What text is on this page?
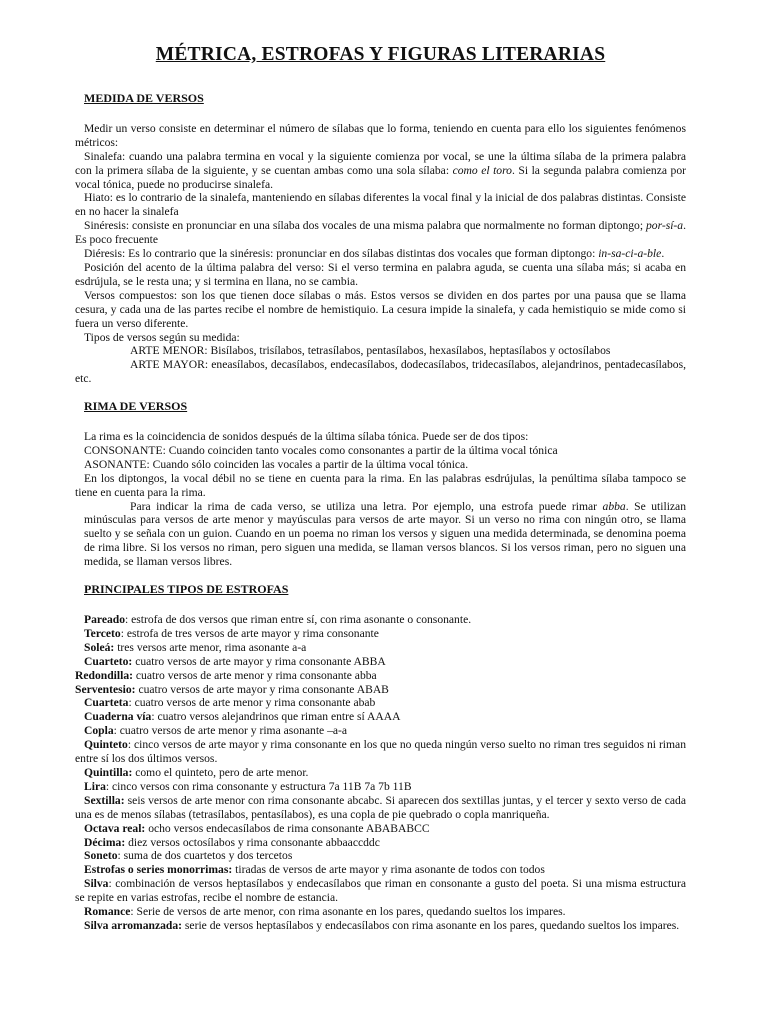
MÉTRICA, ESTROFAS Y FIGURAS LITERARIAS
MEDIDA DE VERSOS

Medir un verso consiste en determinar el número de sílabas que lo forma, teniendo en cuenta para ello los siguientes fenómenos métricos:

Sinalefa: cuando una palabra termina en vocal y la siguiente comienza por vocal, se une la última sílaba de la primera palabra con la primera sílaba de la siguiente, y se cuentan ambas como una sola sílaba: como el toro. Si la segunda palabra comienza por vocal tónica, puede no producirse sinalefa.

Hiato: es lo contrario de la sinalefa, manteniendo en sílabas diferentes la vocal final y la inicial de dos palabras distintas. Consiste en no hacer la sinalefa

Sinéresis: consiste en pronunciar en una sílaba dos vocales de una misma palabra que normalmente no forman diptongo; por-sí-a. Es poco frecuente

Diéresis: Es lo contrario que la sinéresis: pronunciar en dos sílabas distintas dos vocales que forman diptongo: in-sa-ci-a-ble.

Posición del acento de la última palabra del verso: Si el verso termina en palabra aguda, se cuenta una sílaba más; si acaba en esdrújula, se le resta una; y si termina en llana, no se cambia.

Versos compuestos: son los que tienen doce sílabas o más. Estos versos se dividen en dos partes por una pausa que se llama cesura, y cada una de las partes recibe el nombre de hemistiquio. La cesura impide la sinalefa, y cada hemistiquio se mide como si fuera un verso diferente.

Tipos de versos según su medida:

ARTE MENOR: Bisílabos, trisílabos, tetrasílabos, pentasílabos, hexasílabos, heptasílabos y octosílabos

ARTE MAYOR: eneasílabos, decasílabos, endecasílabos, dodecasílabos, tridecasílabos, alejandrinos, pentadecasílabos, etc.

RIMA DE VERSOS

La rima es la coincidencia de sonidos después de la última sílaba tónica. Puede ser de dos tipos:

CONSONANTE: Cuando coinciden tanto vocales como consonantes a partir de la última vocal tónica

ASONANTE: Cuando sólo coinciden las vocales a partir de la última vocal tónica.

En los diptongos, la vocal débil no se tiene en cuenta para la rima. En las palabras esdrújulas, la penúltima sílaba tampoco se tiene en cuenta para la rima.

Para indicar la rima de cada verso, se utiliza una letra. Por ejemplo, una estrofa puede rimar abba. Se utilizan minúsculas para versos de arte menor y mayúsculas para versos de arte mayor. Si un verso no rima con ningún otro, se llama suelto y se señala con un guion. Cuando en un poema no riman los versos y siguen una medida determinada, se denomina poema de rima libre. Si los versos no riman, pero siguen una medida, se llaman versos blancos. Si los versos riman, pero no siguen una medida, se llaman versos libres.

PRINCIPALES TIPOS DE ESTROFAS

Pareado: estrofa de dos versos que riman entre sí, con rima asonante o consonante.

Terceto: estrofa de tres versos de arte mayor y rima consonante

Soleá: tres versos arte menor, rima asonante a-a

Cuarteto: cuatro versos de arte mayor y rima consonante ABBA

Redondilla: cuatro versos de arte menor y rima consonante abba

Serventesio: cuatro versos de arte mayor y rima consonante ABAB

Cuarteta: cuatro versos de arte menor y rima consonante abab

Cuaderna vía: cuatro versos alejandrinos que riman entre sí AAAA

Copla: cuatro versos de arte menor y rima asonante –a-a

Quinteto: cinco versos de arte mayor y rima consonante en los que no queda ningún verso suelto no riman tres seguidos ni riman entre sí los dos últimos versos.

Quintilla: como el quinteto, pero de arte menor.

Lira: cinco versos con rima consonante y estructura 7a 11B 7a 7b 11B

Sextilla: seis versos de arte menor con rima consonante abcabc. Si aparecen dos sextillas juntas, y el tercer y sexto verso de cada una es de menos sílabas (tetrasílabos, pentasílabos), es una copla de pie quebrado o copla manriqueña.

Octava real: ocho versos endecasílabos de rima consonante ABABABCC

Décima: diez versos octosílabos y rima consonante abbaaccddc

Soneto: suma de dos cuartetos y dos tercetos

Estrofas o series monorrimas: tiradas de versos de arte mayor y rima asonante de todos con todos

Silva: combinación de versos heptasílabos y endecasílabos que riman en consonante a gusto del poeta. Si una misma estructura se repite en varias estrofas, recibe el nombre de estancia.

Romance: Serie de versos de arte menor, con rima asonante en los pares, quedando sueltos los impares.

Silva arromanzada: serie de versos heptasílabos y endecasílabos con rima asonante en los pares, quedando sueltos los impares.
